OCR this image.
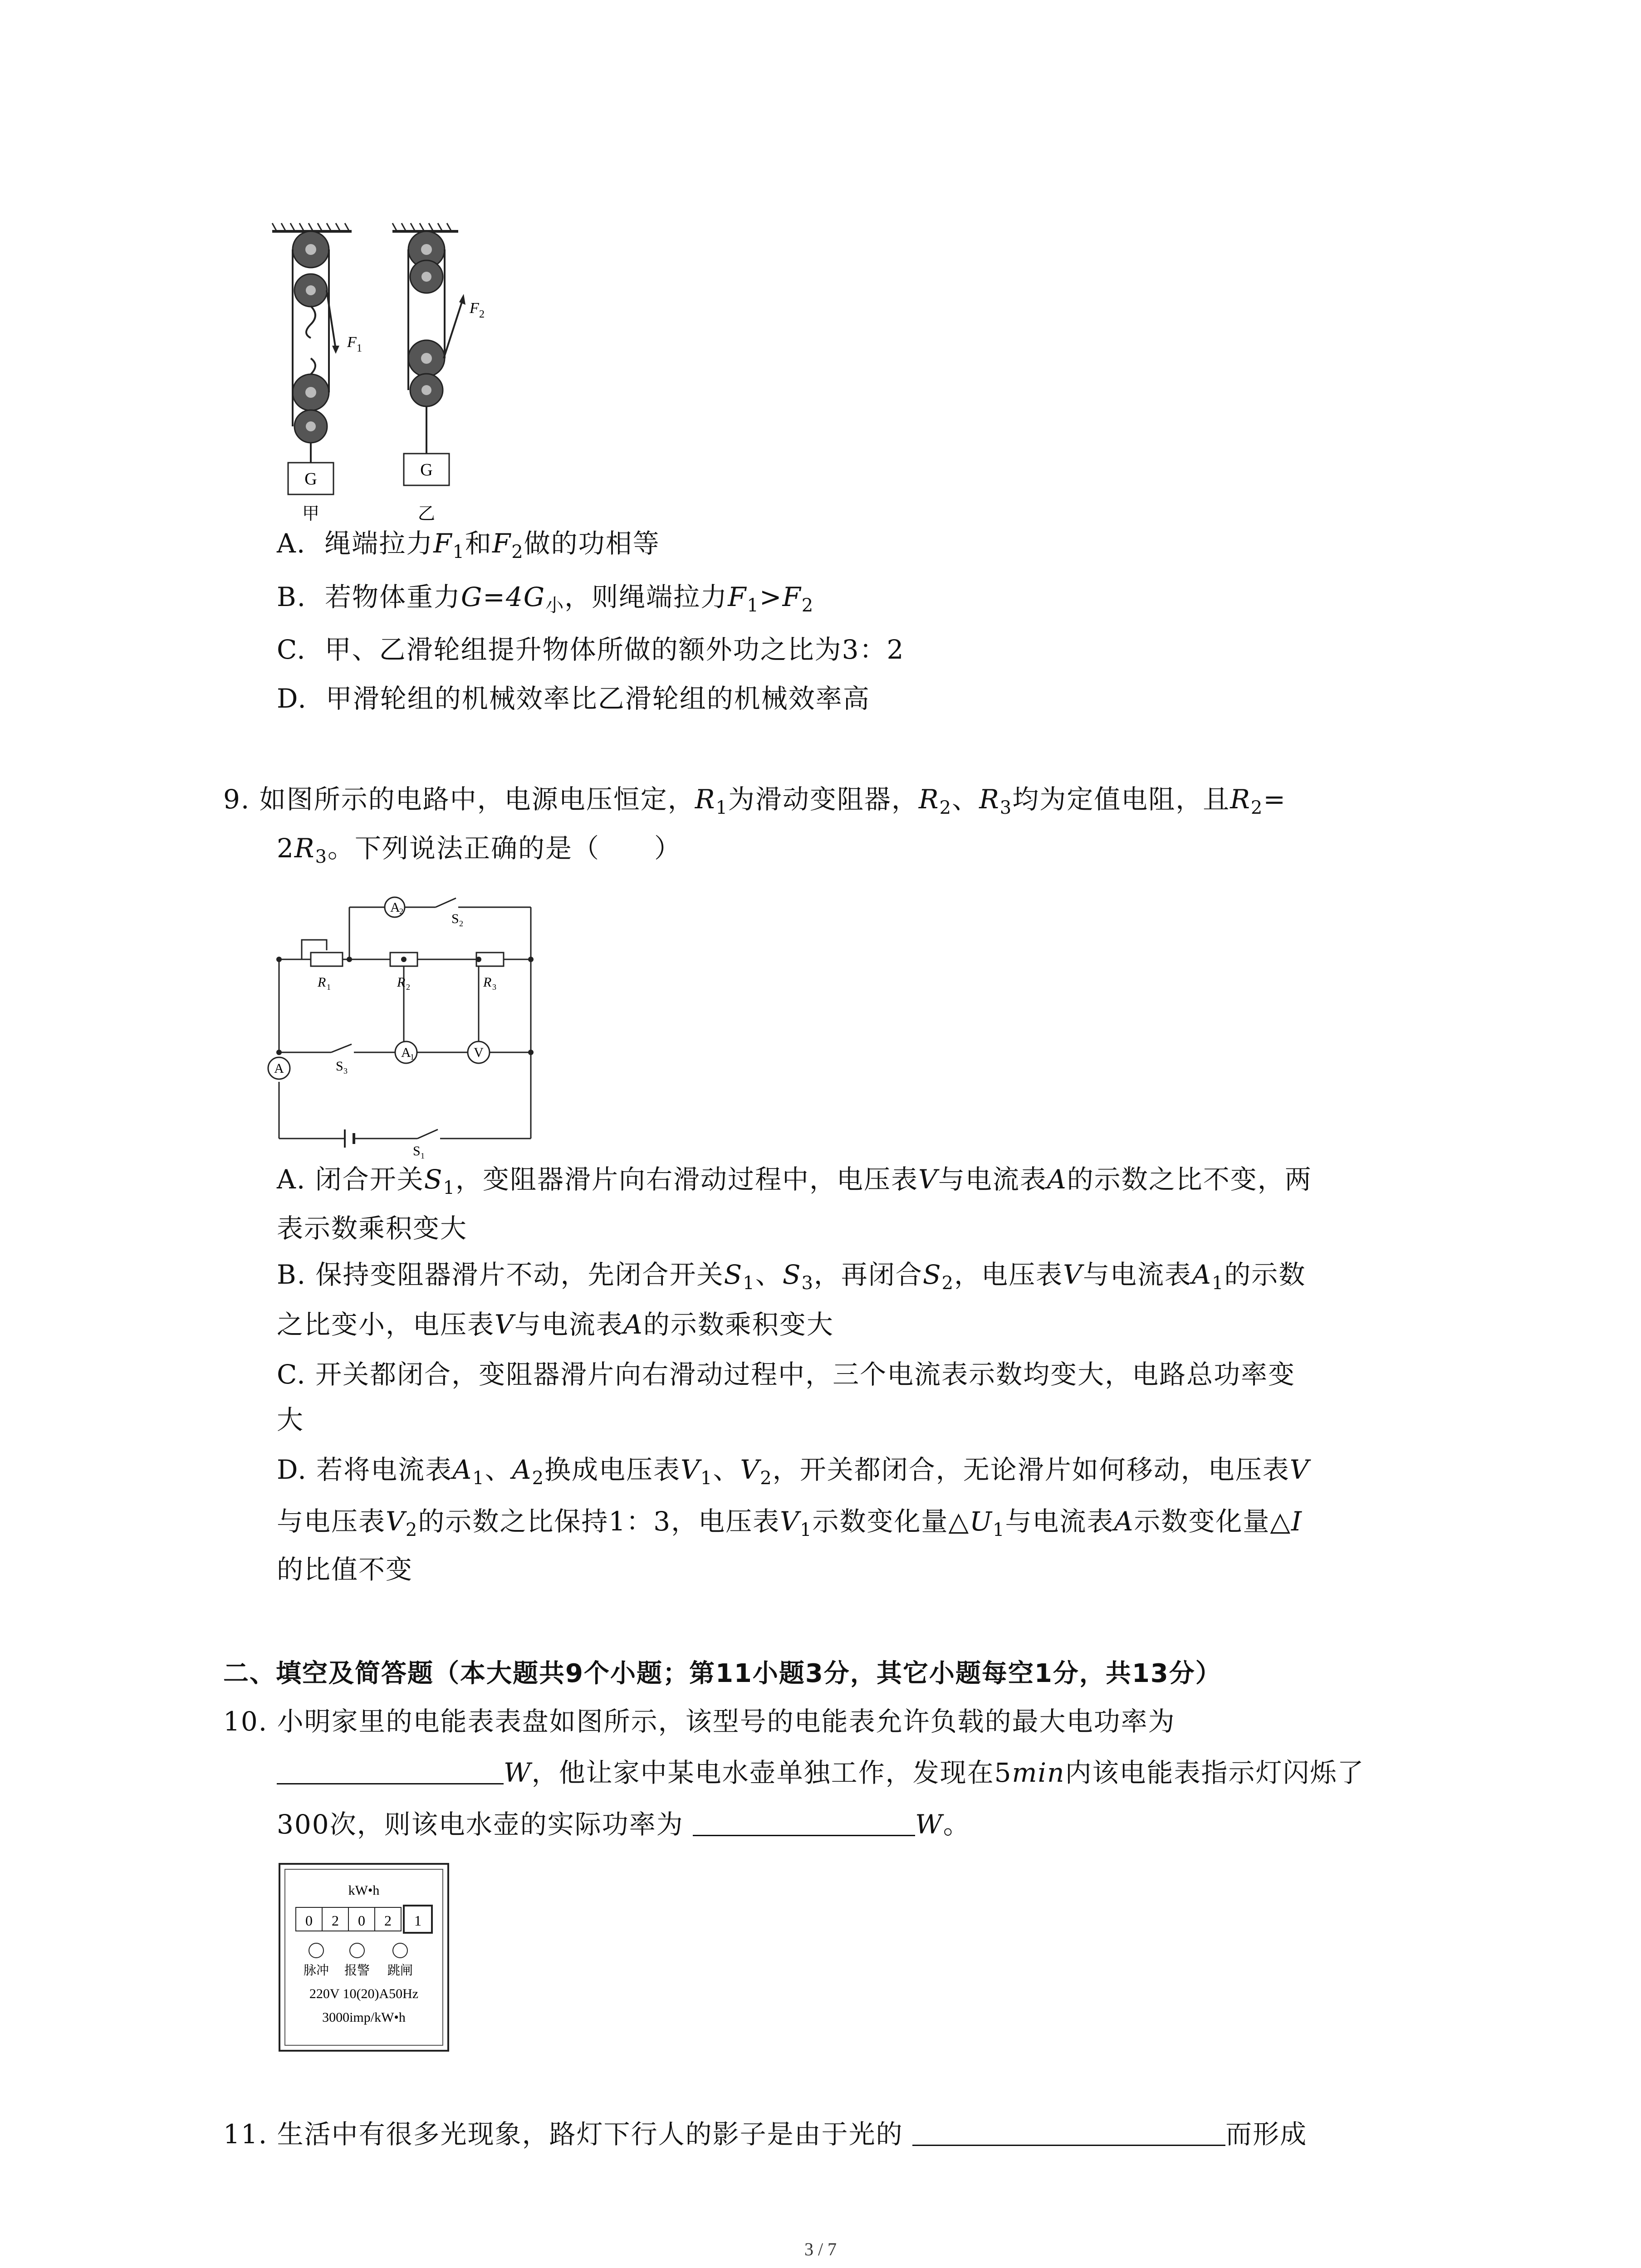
G	G
F 1
F 2
甲	乙
A. 绳端拉力$F_1$和$F_2$做的功相等
B. 若物体重力$G=4G_小$，则绳端拉力$F_1>F_2$
C. 甲、乙滑轮组提升物体所做的额外功之比为3：2
D. 甲滑轮组的机械效率比乙滑轮组的机械效率高
9. 如图所示的电路中，电源电压恒定，$R_1$为滑动变阻器，$R_2$、$R_3$均为定值电阻，且$R_2=$
$2R_3$。下列说法正确的是（　　）
A
2	S 2
R 1	R 2	R 3
S 3
A
1	V
A
S 1
A. 闭合开关$S_1$，变阻器滑片向右滑动过程中，电压表V与电流表A的示数之比不变，两
表示数乘积变大
B. 保持变阻器滑片不动，先闭合开关$S_1$、$S_3$，再闭合$S_2$，电压表V与电流表$A_1$的示数
之比变小，电压表V与电流表A的示数乘积变大
C. 开关都闭合，变阻器滑片向右滑动过程中，三个电流表示数均变大，电路总功率变
大
D. 若将电流表$A_1$、$A_2$换成电压表$V_1$、$V_2$，开关都闭合，无论滑片如何移动，电压表V
与电压表$V_2$的示数之比保持1：3，电压表$V_1$示数变化量$\triangle U_1$与电流表A示数变化量△I
的比值不变
二、填空及简答题（本大题共9个小题；第11小题3分，其它小题每空1分，共13分）
10. 小明家里的电能表表盘如图所示，该型号的电能表允许负载的最大电功率为
W，他让家中某电水壶单独工作，发现在5min内该电能表指示灯闪烁了
300次，则该电水壶的实际功率为	W。
kW•h
0 2 0 2 1
脉冲 报警 跳闸
220V 10(20)A50Hz
3000imp/kW•h
11. 生活中有很多光现象，路灯下行人的影子是由于光的	而形成
3 / 7
